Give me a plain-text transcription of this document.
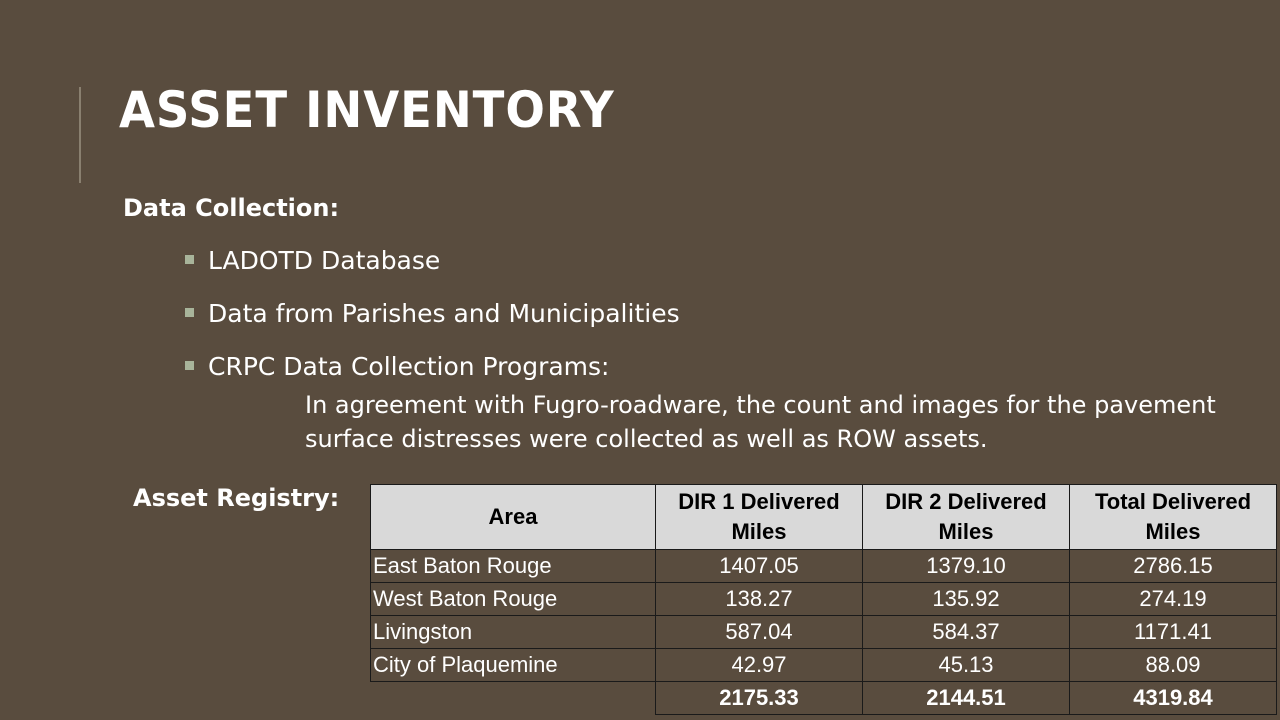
ASSET INVENTORY
Data Collection:
LADOTD Database
Data from Parishes and Municipalities
CRPC Data Collection Programs:
In agreement with Fugro-roadware, the count and images for the pavement surface distresses were collected as well as ROW assets.
Asset Registry:
Area	DIR 1 Delivered Miles	DIR 2 Delivered Miles	Total Delivered Miles
East Baton Rouge	1407.05	1379.10	2786.15
West Baton Rouge	138.27	135.92	274.19
Livingston	587.04	584.37	1171.41
City of Plaquemine	42.97	45.13	88.09
	2175.33	2144.51	4319.84
